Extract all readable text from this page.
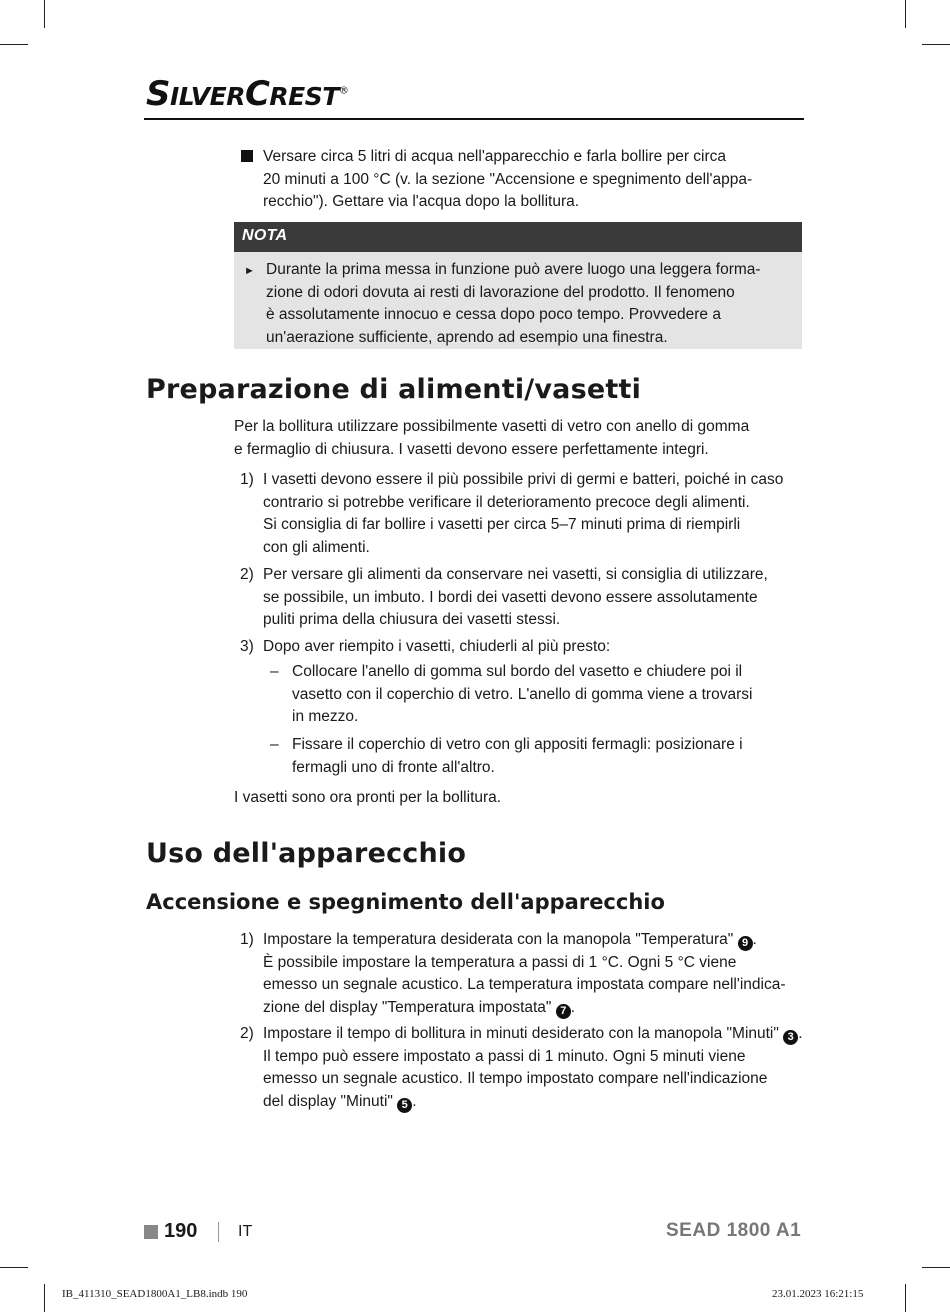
SILVERCREST®
Versare circa 5 litri di acqua nell'apparecchio e farla bollire per circa
20 minuti a 100 °C (v. la sezione "Accensione e spegnimento dell'appa-
recchio"). Gettare via l'acqua dopo la bollitura.
NOTA
► Durante la prima messa in funzione può avere luogo una leggera forma-
zione di odori dovuta ai resti di lavorazione del prodotto. Il fenomeno
è assolutamente innocuo e cessa dopo poco tempo. Provvedere a
un'aerazione sufficiente, aprendo ad esempio una finestra.
Preparazione di alimenti/vasetti
Per la bollitura utilizzare possibilmente vasetti di vetro con anello di gomma
e fermaglio di chiusura. I vasetti devono essere perfettamente integri.
1) I vasetti devono essere il più possibile privi di germi e batteri, poiché in caso
contrario si potrebbe verificare il deterioramento precoce degli alimenti.
Si consiglia di far bollire i vasetti per circa 5–7 minuti prima di riempirli
con gli alimenti.
2) Per versare gli alimenti da conservare nei vasetti, si consiglia di utilizzare,
se possibile, un imbuto. I bordi dei vasetti devono essere assolutamente
puliti prima della chiusura dei vasetti stessi.
3) Dopo aver riempito i vasetti, chiuderli al più presto:
– Collocare l'anello di gomma sul bordo del vasetto e chiudere poi il
vasetto con il coperchio di vetro. L'anello di gomma viene a trovarsi
in mezzo.
– Fissare il coperchio di vetro con gli appositi fermagli: posizionare i
fermagli uno di fronte all'altro.
I vasetti sono ora pronti per la bollitura.
Uso dell'apparecchio
Accensione e spegnimento dell'apparecchio
1) Impostare la temperatura desiderata con la manopola "Temperatura" 9 .
È possibile impostare la temperatura a passi di 1 °C. Ogni 5 °C viene
emesso un segnale acustico. La temperatura impostata compare nell'indica-
zione del display "Temperatura impostata" 7 .
2) Impostare il tempo di bollitura in minuti desiderato con la manopola "Minuti" 3 .
Il tempo può essere impostato a passi di 1 minuto. Ogni 5 minuti viene
emesso un segnale acustico. Il tempo impostato compare nell'indicazione
del display "Minuti" 5 .
190	IT	SEAD 1800 A1
IB_411310_SEAD1800A1_LB8.indb 190	23.01.2023 16:21:15
